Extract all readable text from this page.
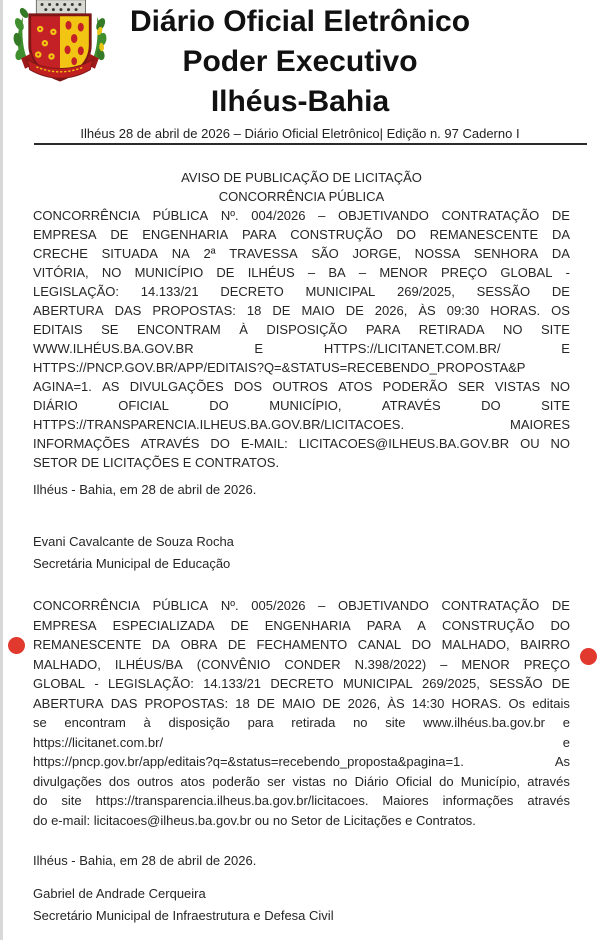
Diário Oficial Eletrônico
Poder Executivo
Ilhéus-Bahia
Ilhéus 28 de abril de 2026 – Diário Oficial Eletrônico| Edição n. 97 Caderno I
AVISO DE PUBLICAÇÃO DE LICITAÇÃO
CONCORRÊNCIA PÚBLICA
CONCORRÊNCIA PÚBLICA Nº. 004/2026 – OBJETIVANDO CONTRATAÇÃO DE
EMPRESA DE ENGENHARIA PARA CONSTRUÇÃO DO REMANESCENTE DA
CRECHE SITUADA NA 2ª TRAVESSA SÃO JORGE, NOSSA SENHORA DA
VITÓRIA, NO MUNICÍPIO DE ILHÉUS – BA – MENOR PREÇO GLOBAL -
LEGISLAÇÃO: 14.133/21 DECRETO MUNICIPAL 269/2025, SESSÃO DE
ABERTURA DAS PROPOSTAS: 18 DE MAIO DE 2026, ÀS 09:30 HORAS. OS
EDITAIS SE ENCONTRAM À DISPOSIÇÃO PARA RETIRADA NO SITE
WWW.ILHÉUS.BA.GOV.BR	E	HTTPS://LICITANET.COM.BR/	E
HTTPS://PNCP.GOV.BR/APP/EDITAIS?Q=&STATUS=RECEBENDO_PROPOSTA&P
AGINA=1. AS DIVULGAÇÕES DOS OUTROS ATOS PODERÃO SER VISTAS NO
DIÁRIO	OFICIAL	DO	MUNICÍPIO,	ATRAVÉS	DO	SITE
HTTPS://TRANSPARENCIA.ILHEUS.BA.GOV.BR/LICITACOES.	MAIORES
INFORMAÇÕES ATRAVÉS DO E-MAIL: LICITACOES@ILHEUS.BA.GOV.BR OU NO
SETOR DE LICITAÇÕES E CONTRATOS.
Ilhéus - Bahia, em 28 de abril de 2026.
Evani Cavalcante de Souza Rocha
Secretária Municipal de Educação
CONCORRÊNCIA PÚBLICA Nº. 005/2026 – OBJETIVANDO CONTRATAÇÃO DE
EMPRESA ESPECIALIZADA DE ENGENHARIA PARA A CONSTRUÇÃO DO
REMANESCENTE DA OBRA DE FECHAMENTO CANAL DO MALHADO, BAIRRO
MALHADO, ILHÉUS/BA (CONVÊNIO CONDER N.398/2022) – MENOR PREÇO
GLOBAL - LEGISLAÇÃO: 14.133/21 DECRETO MUNICIPAL 269/2025, SESSÃO DE
ABERTURA DAS PROPOSTAS: 18 DE MAIO DE 2026, ÀS 14:30 HORAS. Os editais
se encontram à disposição para retirada no site www.ilhéus.ba.gov.br e
https://licitanet.com.br/	e
https://pncp.gov.br/app/editais?q=&status=recebendo_proposta&pagina=1.	As
divulgações dos outros atos poderão ser vistas no Diário Oficial do Município, através
do site https://transparencia.ilheus.ba.gov.br/licitacoes. Maiores informações através
do e-mail: licitacoes@ilheus.ba.gov.br ou no Setor de Licitações e Contratos.
Ilhéus - Bahia, em 28 de abril de 2026.
Gabriel de Andrade Cerqueira
Secretário Municipal de Infraestrutura e Defesa Civil
